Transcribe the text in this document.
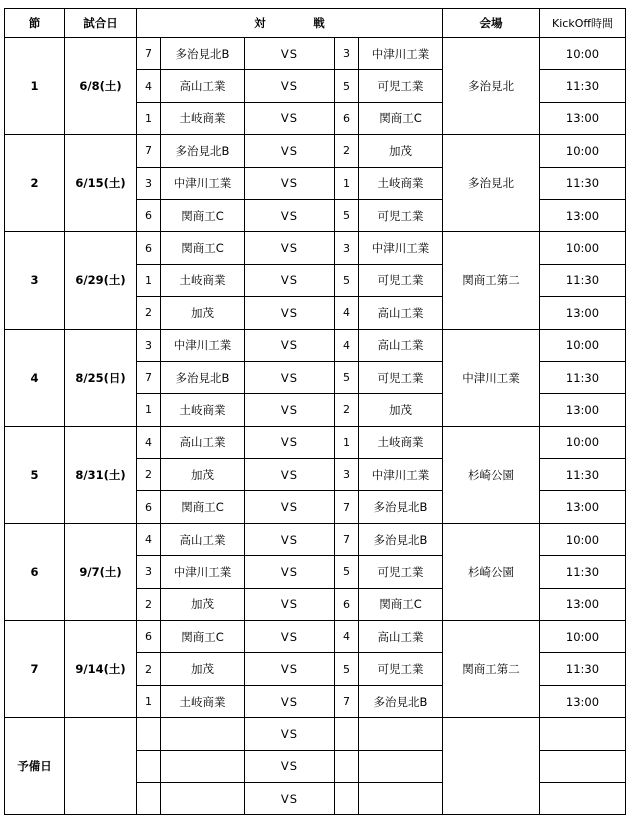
節	試合日	対　戦					会場	KickOff時間
1	6/8(土)	7	多治見北B	VS	3	中津川工業	多治見北	10:00
		4	高山工業	VS	5	可児工業		11:30
		1	土岐商業	VS	6	関商工C		13:00
2	6/15(土)	7	多治見北B	VS	2	加茂	多治見北	10:00
		3	中津川工業	VS	1	土岐商業		11:30
		6	関商工C	VS	5	可児工業		13:00
3	6/29(土)	6	関商工C	VS	3	中津川工業	関商工第二	10:00
		1	土岐商業	VS	5	可児工業		11:30
		2	加茂	VS	4	高山工業		13:00
4	8/25(日)	3	中津川工業	VS	4	高山工業	中津川工業	10:00
		7	多治見北B	VS	5	可児工業		11:30
		1	土岐商業	VS	2	加茂		13:00
5	8/31(土)	4	高山工業	VS	1	土岐商業	杉崎公園	10:00
		2	加茂	VS	3	中津川工業		11:30
		6	関商工C	VS	7	多治見北B		13:00
6	9/7(土)	4	高山工業	VS	7	多治見北B	杉崎公園	10:00
		3	中津川工業	VS	5	可児工業		11:30
		2	加茂	VS	6	関商工C		13:00
7	9/14(土)	6	関商工C	VS	4	高山工業	関商工第二	10:00
		2	加茂	VS	5	可児工業		11:30
		1	土岐商業	VS	7	多治見北B		13:00
予備日				VS				
				VS				
				VS				
